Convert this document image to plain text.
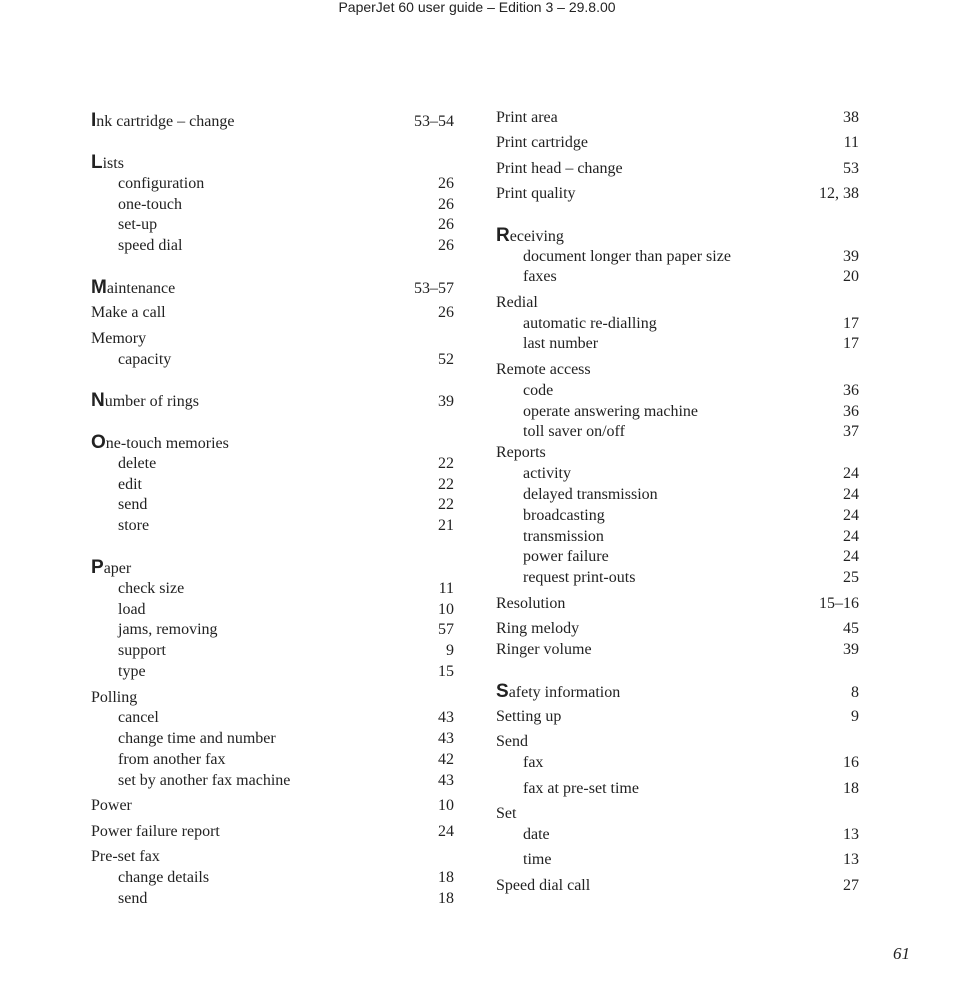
PaperJet 60 user guide – Edition 3 – 29.8.00
Ink cartridge – change	53–54
Lists
configuration	26
one-touch	26
set-up	26
speed dial	26
Maintenance	53–57
Make a call	26
Memory
capacity	52
Number of rings	39
One-touch memories
delete	22
edit	22
send	22
store	21
Paper
check size	11
load	10
jams, removing	57
support	9
type	15
Polling
cancel	43
change time and number	43
from another fax	42
set by another fax machine	43
Power	10
Power failure report	24
Pre-set fax
change details	18
send	18
Print area	38
Print cartridge	11
Print head – change	53
Print quality	12, 38
Receiving
document longer than paper size	39
faxes	20
Redial
automatic re-dialling	17
last number	17
Remote access
code	36
operate answering machine	36
toll saver on/off	37
Reports
activity	24
delayed transmission	24
broadcasting	24
transmission	24
power failure	24
request print-outs	25
Resolution	15–16
Ring melody	45
Ringer volume	39
Safety information	8
Setting up	9
Send
fax	16
fax at pre-set time	18
Set
date	13
time	13
Speed dial call	27
61
